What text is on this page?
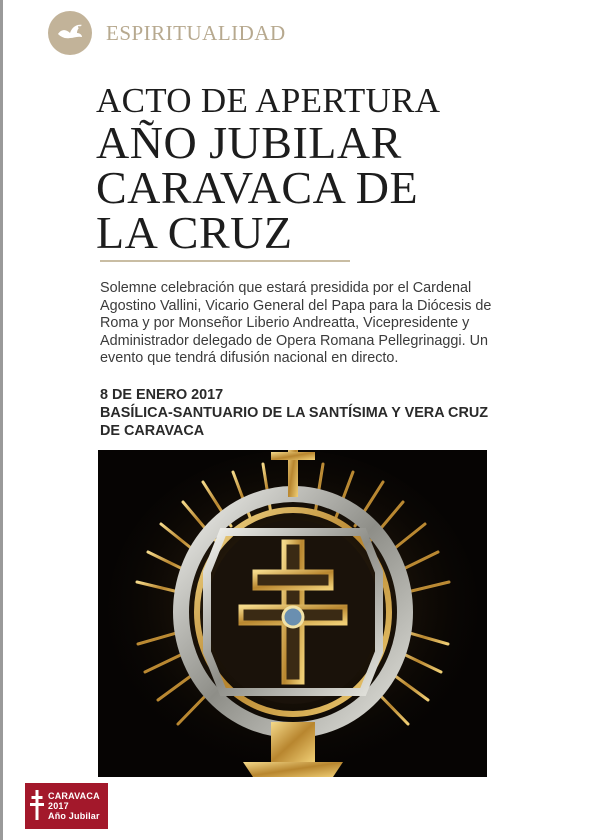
ESPIRITUALIDAD
ACTO DE APERTURA
AÑO JUBILAR
CARAVACA DE
LA CRUZ
Solemne celebración que estará presidida por el Cardenal Agostino Vallini, Vicario General del Papa para la Diócesis de Roma y por Monseñor Liberio Andreatta, Vicepresidente y Administrador delegado de Opera Romana Pellegrinaggi. Un evento que tendrá difusión nacional en directo.
8 DE ENERO 2017
BASÍLICA-SANTUARIO DE LA SANTÍSIMA Y VERA CRUZ DE CARAVACA
CARAVACA
2017
Año Jubilar
